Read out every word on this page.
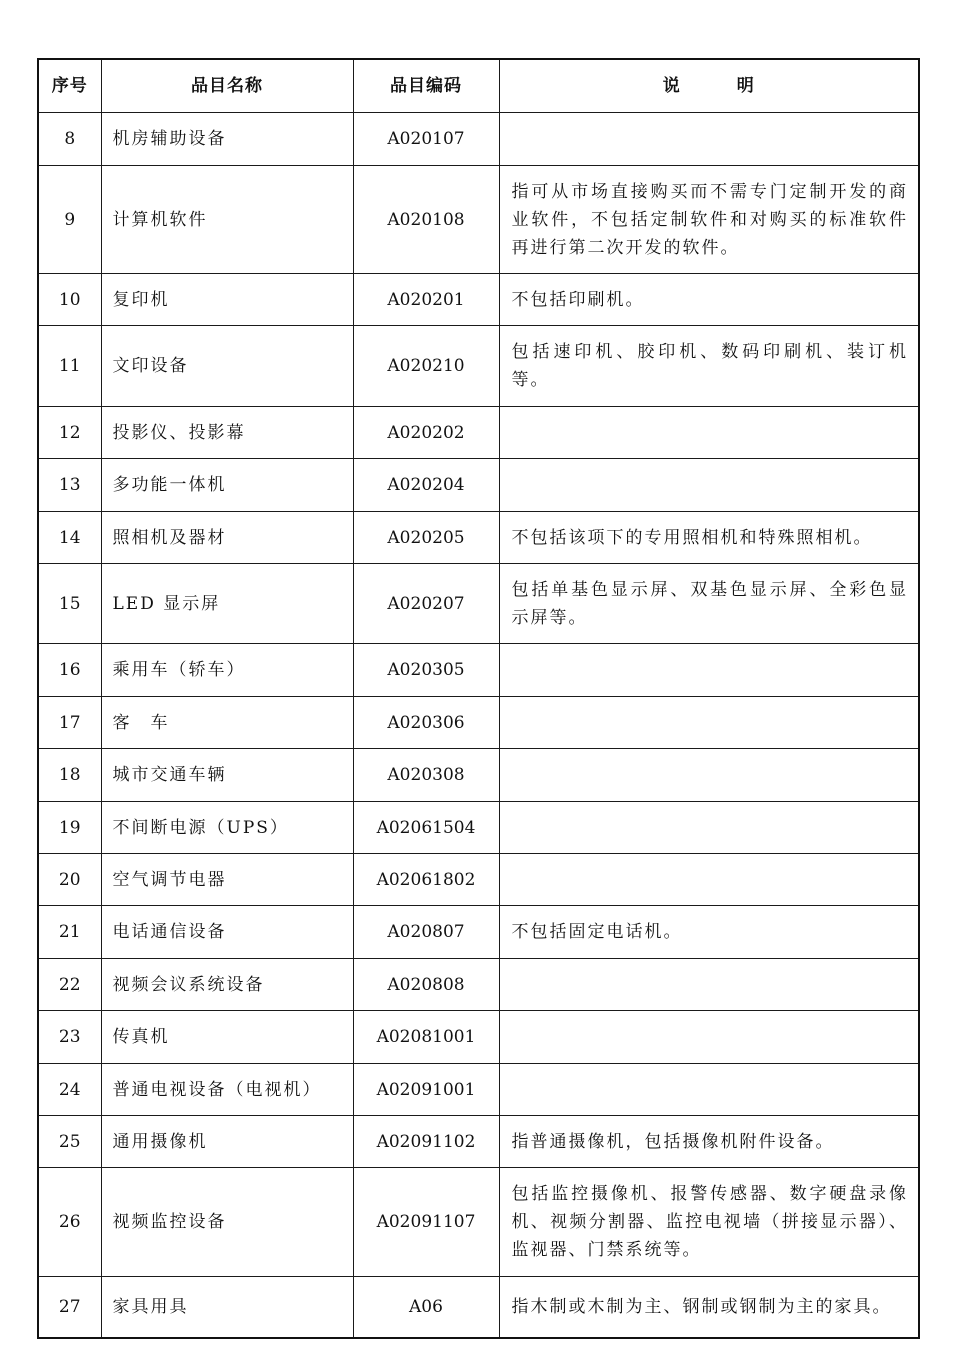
序号	品目名称	品目编码	说 明
8	机房辅助设备	A020107	
9	计算机软件	A020108	指可从市场直接购买而不需专门定制开发的商业软件，不包括定制软件和对购买的标准软件再进行第二次开发的软件。
10	复印机	A020201	不包括印刷机。
11	文印设备	A020210	包括速印机、胶印机、数码印刷机、装订机等。
12	投影仪、投影幕	A020202	
13	多功能一体机	A020204	
14	照相机及器材	A020205	不包括该项下的专用照相机和特殊照相机。
15	LED 显示屏	A020207	包括单基色显示屏、双基色显示屏、全彩色显示屏等。
16	乘用车（轿车）	A020305	
17	客　车	A020306	
18	城市交通车辆	A020308	
19	不间断电源（UPS）	A02061504	
20	空气调节电器	A02061802	
21	电话通信设备	A020807	不包括固定电话机。
22	视频会议系统设备	A020808	
23	传真机	A02081001	
24	普通电视设备（电视机）	A02091001	
25	通用摄像机	A02091102	指普通摄像机，包括摄像机附件设备。
26	视频监控设备	A02091107	包括监控摄像机、报警传感器、数字硬盘录像机、视频分割器、监控电视墙（拼接显示器）、监视器、门禁系统等。
27	家具用具	A06	指木制或木制为主、钢制或钢制为主的家具。
